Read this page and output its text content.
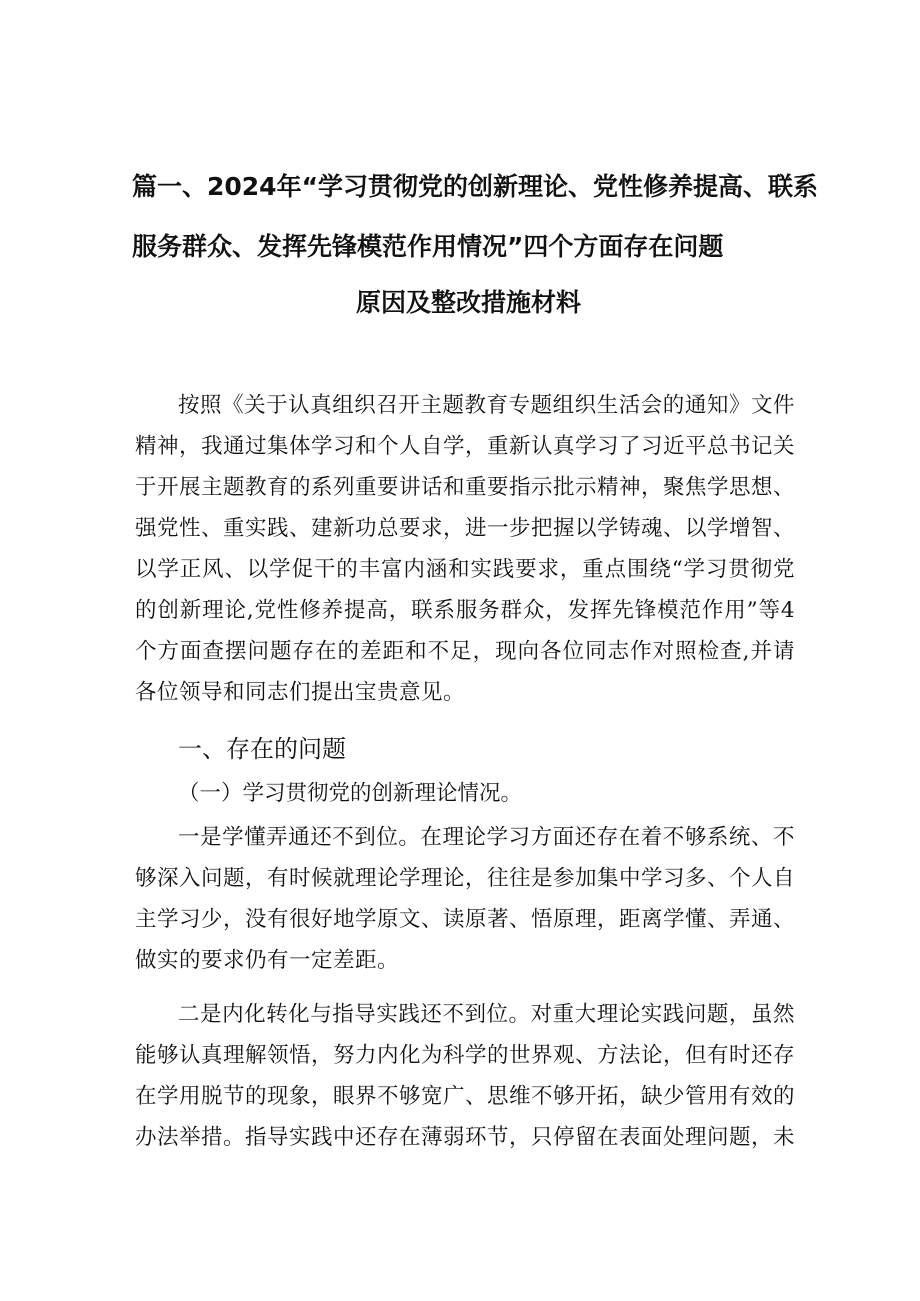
篇一、2024年“学习贯彻党的创新理论、党性修养提高、联系
服务群众、发挥先锋模范作用情况”四个方面存在问题
原因及整改措施材料

按照《关于认真组织召开主题教育专题组织生活会的通知》文件精神，我通过集体学习和个人自学，重新认真学习了习近平总书记关于开展主题教育的系列重要讲话和重要指示批示精神，聚焦学思想、强党性、重实践、建新功总要求，进一步把握以学铸魂、以学增智、以学正风、以学促干的丰富内涵和实践要求，重点围绕“学习贯彻党的创新理论,党性修养提高，联系服务群众，发挥先锋模范作用”等4个方面查摆问题存在的差距和不足，现向各位同志作对照检查,并请各位领导和同志们提出宝贵意见。

一、存在的问题
（一）学习贯彻党的创新理论情况。

一是学懂弄通还不到位。在理论学习方面还存在着不够系统、不够深入问题，有时候就理论学理论，往往是参加集中学习多、个人自主学习少，没有很好地学原文、读原著、悟原理，距离学懂、弄通、做实的要求仍有一定差距。

二是内化转化与指导实践还不到位。对重大理论实践问题，虽然能够认真理解领悟，努力内化为科学的世界观、方法论，但有时还存在学用脱节的现象，眼界不够宽广、思维不够开拓，缺少管用有效的办法举措。指导实践中还存在薄弱环节，只停留在表面处理问题，未
